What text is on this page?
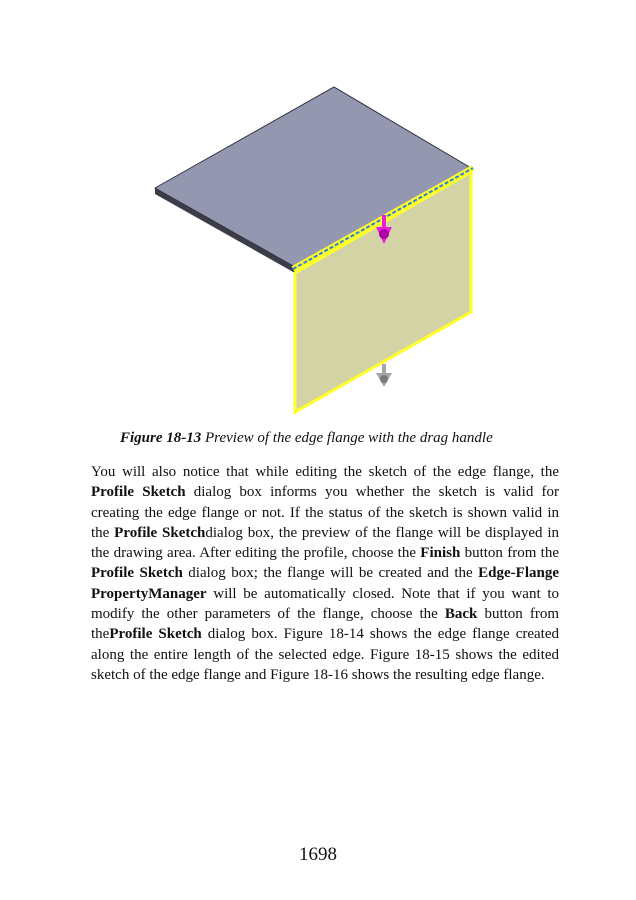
Figure 18-13 Preview of the edge flange with the drag handle
You will also notice that while editing the sketch of the edge flange, the Profile Sketch dialog box informs you whether the sketch is valid for creating the edge flange or not. If the status of the sketch is shown valid in the Profile Sketchdialog box, the preview of the flange will be displayed in the drawing area. After editing the profile, choose the Finish button from the Profile Sketch dialog box; the flange will be created and the Edge-Flange PropertyManager will be automatically closed. Note that if you want to modify the other parameters of the flange, choose the Back button from theProfile Sketch dialog box. Figure 18-14 shows the edge flange created along the entire length of the selected edge. Figure 18-15 shows the edited sketch of the edge flange and Figure 18-16 shows the resulting edge flange.
1698
